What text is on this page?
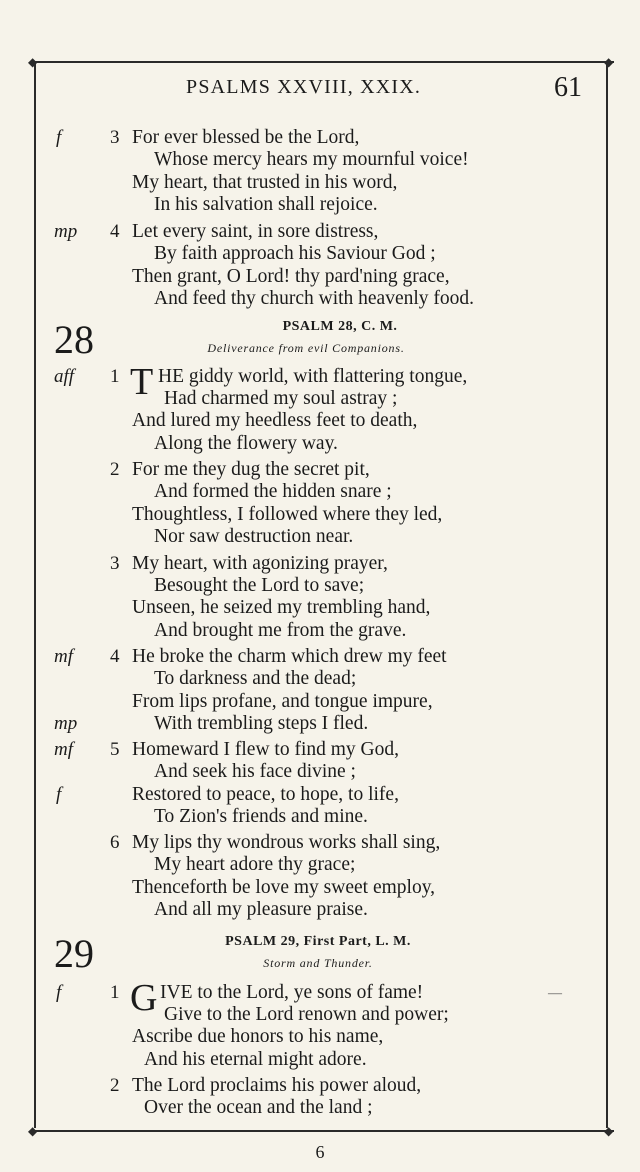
◆	◆
◆	◆
PSALMS XXVIII, XXIX.	61
f	3 For ever blessed be the Lord,
Whose mercy hears my mournful voice!
My heart, that trusted in his word,
In his salvation shall rejoice.
mp 4 Let every saint, in sore distress,
By faith approach his Saviour God ;
Then grant, O Lord! thy pard'ning grace,
And feed thy church with heavenly food.
28	PSALM 28, C. M.
Deliverance from evil Companions.
aff 1 T HE giddy world, with flattering tongue,
Had charmed my soul astray ;
And lured my heedless feet to death,
Along the flowery way.
2 For me they dug the secret pit,
And formed the hidden snare ;
Thoughtless, I followed where they led,
Nor saw destruction near.
3 My heart, with agonizing prayer,
Besought the Lord to save;
Unseen, he seized my trembling hand,
And brought me from the grave.
mf 4 He broke the charm which drew my feet
To darkness and the dead;
From lips profane, and tongue impure,
mp	With trembling steps I fled.
mf 5 Homeward I flew to find my God,
And seek his face divine ;
f	Restored to peace, to hope, to life,
To Zion's friends and mine.
6 My lips thy wondrous works shall sing,
My heart adore thy grace;
Thenceforth be love my sweet employ,
And all my pleasure praise.
29	PSALM 29, First Part, L. M.
Storm and Thunder.
f	1 G IVE to the Lord, ye sons of fame!
Give to the Lord renown and power;
Ascribe due honors to his name,
And his eternal might adore.
2 The Lord proclaims his power aloud,
Over the ocean and the land ;
—
6
